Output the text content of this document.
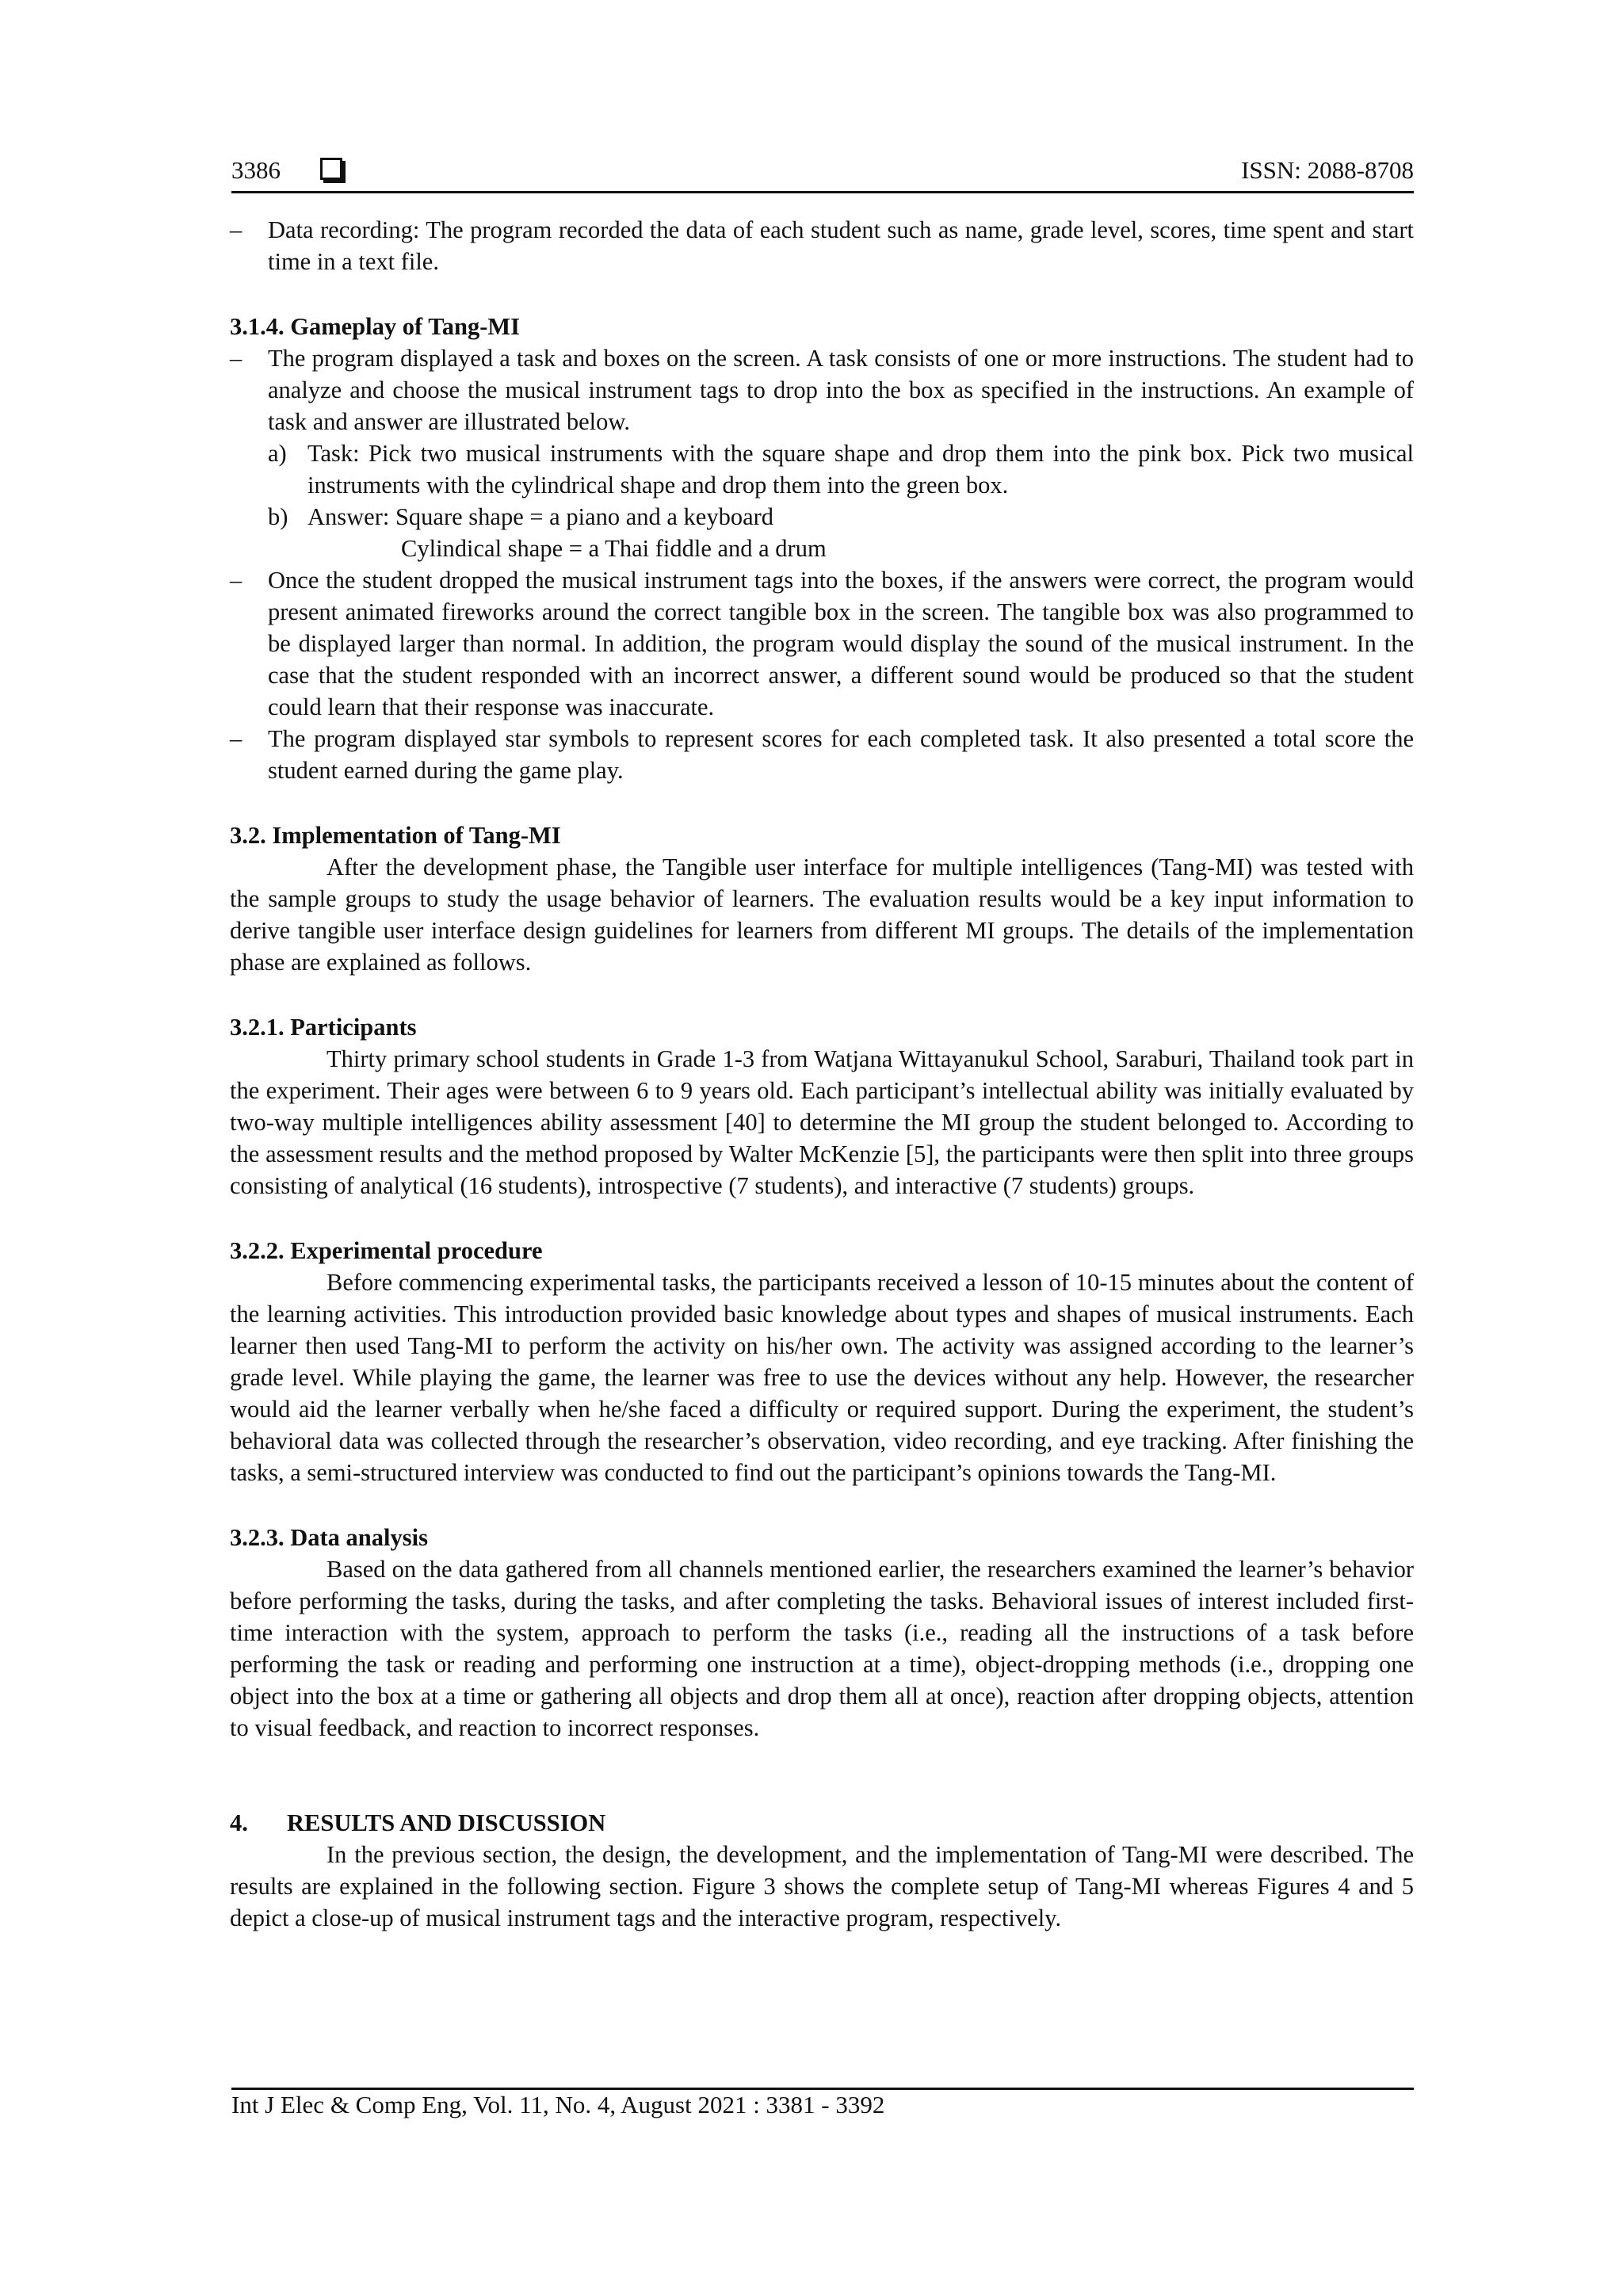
3386	ISSN: 2088-8708

– Data recording: The program recorded the data of each student such as name, grade level, scores, time spent and start time in a text file.

3.1.4. Gameplay of Tang-MI

– The program displayed a task and boxes on the screen. A task consists of one or more instructions. The student had to analyze and choose the musical instrument tags to drop into the box as specified in the instructions. An example of task and answer are illustrated below.

a) Task: Pick two musical instruments with the square shape and drop them into the pink box. Pick two musical instruments with the cylindrical shape and drop them into the green box.

b) Answer: Square shape = a piano and a keyboard

Cylindical shape = a Thai fiddle and a drum

– Once the student dropped the musical instrument tags into the boxes, if the answers were correct, the program would present animated fireworks around the correct tangible box in the screen. The tangible box was also programmed to be displayed larger than normal. In addition, the program would display the sound of the musical instrument. In the case that the student responded with an incorrect answer, a different sound would be produced so that the student could learn that their response was inaccurate.

– The program displayed star symbols to represent scores for each completed task. It also presented a total score the student earned during the game play.

3.2. Implementation of Tang-MI

After the development phase, the Tangible user interface for multiple intelligences (Tang-MI) was tested with the sample groups to study the usage behavior of learners. The evaluation results would be a key input information to derive tangible user interface design guidelines for learners from different MI groups. The details of the implementation phase are explained as follows.

3.2.1. Participants

Thirty primary school students in Grade 1-3 from Watjana Wittayanukul School, Saraburi, Thailand took part in the experiment. Their ages were between 6 to 9 years old. Each participant’s intellectual ability was initially evaluated by two-way multiple intelligences ability assessment [40] to determine the MI group the student belonged to. According to the assessment results and the method proposed by Walter McKenzie [5], the participants were then split into three groups consisting of analytical (16 students), introspective (7 students), and interactive (7 students) groups.

3.2.2. Experimental procedure

Before commencing experimental tasks, the participants received a lesson of 10-15 minutes about the content of the learning activities. This introduction provided basic knowledge about types and shapes of musical instruments. Each learner then used Tang-MI to perform the activity on his/her own. The activity was assigned according to the learner’s grade level. While playing the game, the learner was free to use the devices without any help. However, the researcher would aid the learner verbally when he/she faced a difficulty or required support. During the experiment, the student’s behavioral data was collected through the researcher’s observation, video recording, and eye tracking. After finishing the tasks, a semi-structured interview was conducted to find out the participant’s opinions towards the Tang-MI.

3.2.3. Data analysis

Based on the data gathered from all channels mentioned earlier, the researchers examined the learner’s behavior before performing the tasks, during the tasks, and after completing the tasks. Behavioral issues of interest included first-time interaction with the system, approach to perform the tasks (i.e., reading all the instructions of a task before performing the task or reading and performing one instruction at a time), object-dropping methods (i.e., dropping one object into the box at a time or gathering all objects and drop them all at once), reaction after dropping objects, attention to visual feedback, and reaction to incorrect responses.

4. RESULTS AND DISCUSSION

In the previous section, the design, the development, and the implementation of Tang-MI were described. The results are explained in the following section. Figure 3 shows the complete setup of Tang-MI whereas Figures 4 and 5 depict a close-up of musical instrument tags and the interactive program, respectively.

Int J Elec & Comp Eng, Vol. 11, No. 4, August 2021 : 3381 - 3392
